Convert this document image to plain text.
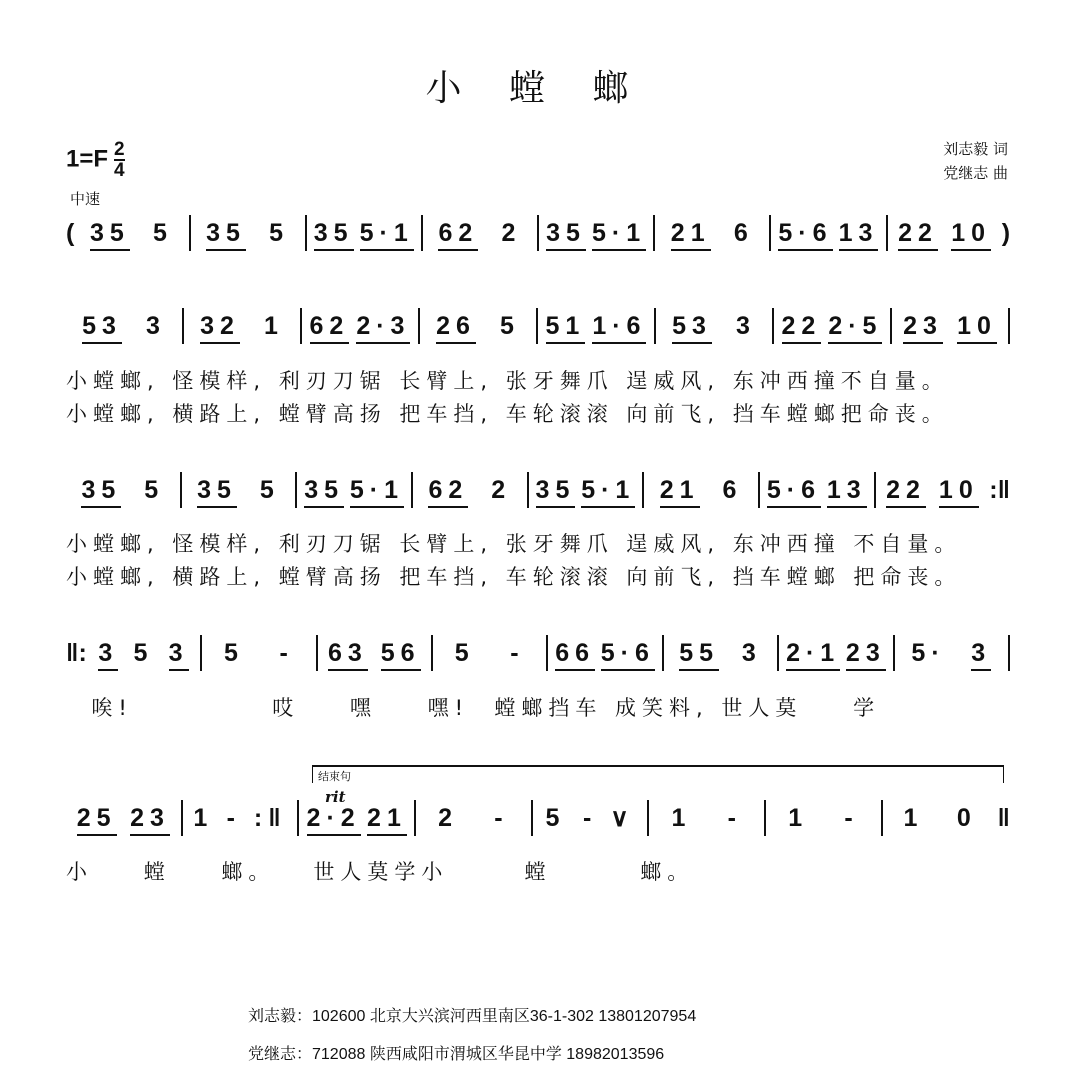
小 螳 螂
$1=F \frac{2}{4}$
中速
刘志毅 词
党继志 曲
( 35 5 35 5 35 5·1 62 2 35 5·1 21 6 5·6 13 22 10 )
53 3 32 1 62 2·3 26 5 51 1·6 53 3 22 2·5 23 10
小螳螂, 怪模样, 利刃刀锯 长臂上, 张牙舞爪 逞威风, 东冲西撞不自量。
小螳螂, 横路上, 螳臂高扬 把车挡, 车轮滚滚 向前飞, 挡车螳螂把命丧。
35 5 35 5 35 5·1 62 2 35 5·1 21 6 5·6 13 22 10 :‖
小螳螂, 怪模样, 利刃刀锯 长臂上, 张牙舞爪 逞威风, 东冲西撞 不自量。
小螳螂, 横路上, 螳臂高扬 把车挡, 车轮滚滚 向前飞, 挡车螳螂 把命丧。
‖: 3 5 3 5 - 63 56 5 - 66 5·6 55 3 2·1 23 5· 3
唉!           哎    嘿    嘿!  螳螂挡车 成笑料, 世人莫    学
结束句
rit
25 23 1 - :‖ 2·2 21 2 - 5 - ∨ 1 - 1 - 1 0 ‖
小    螳    螂。   世人莫学小      螳       螂。
刘志毅：102600 北京大兴滨河西里南区36-1-302 13801207954
党继志：712088 陕西咸阳市渭城区华昆中学 18982013596
